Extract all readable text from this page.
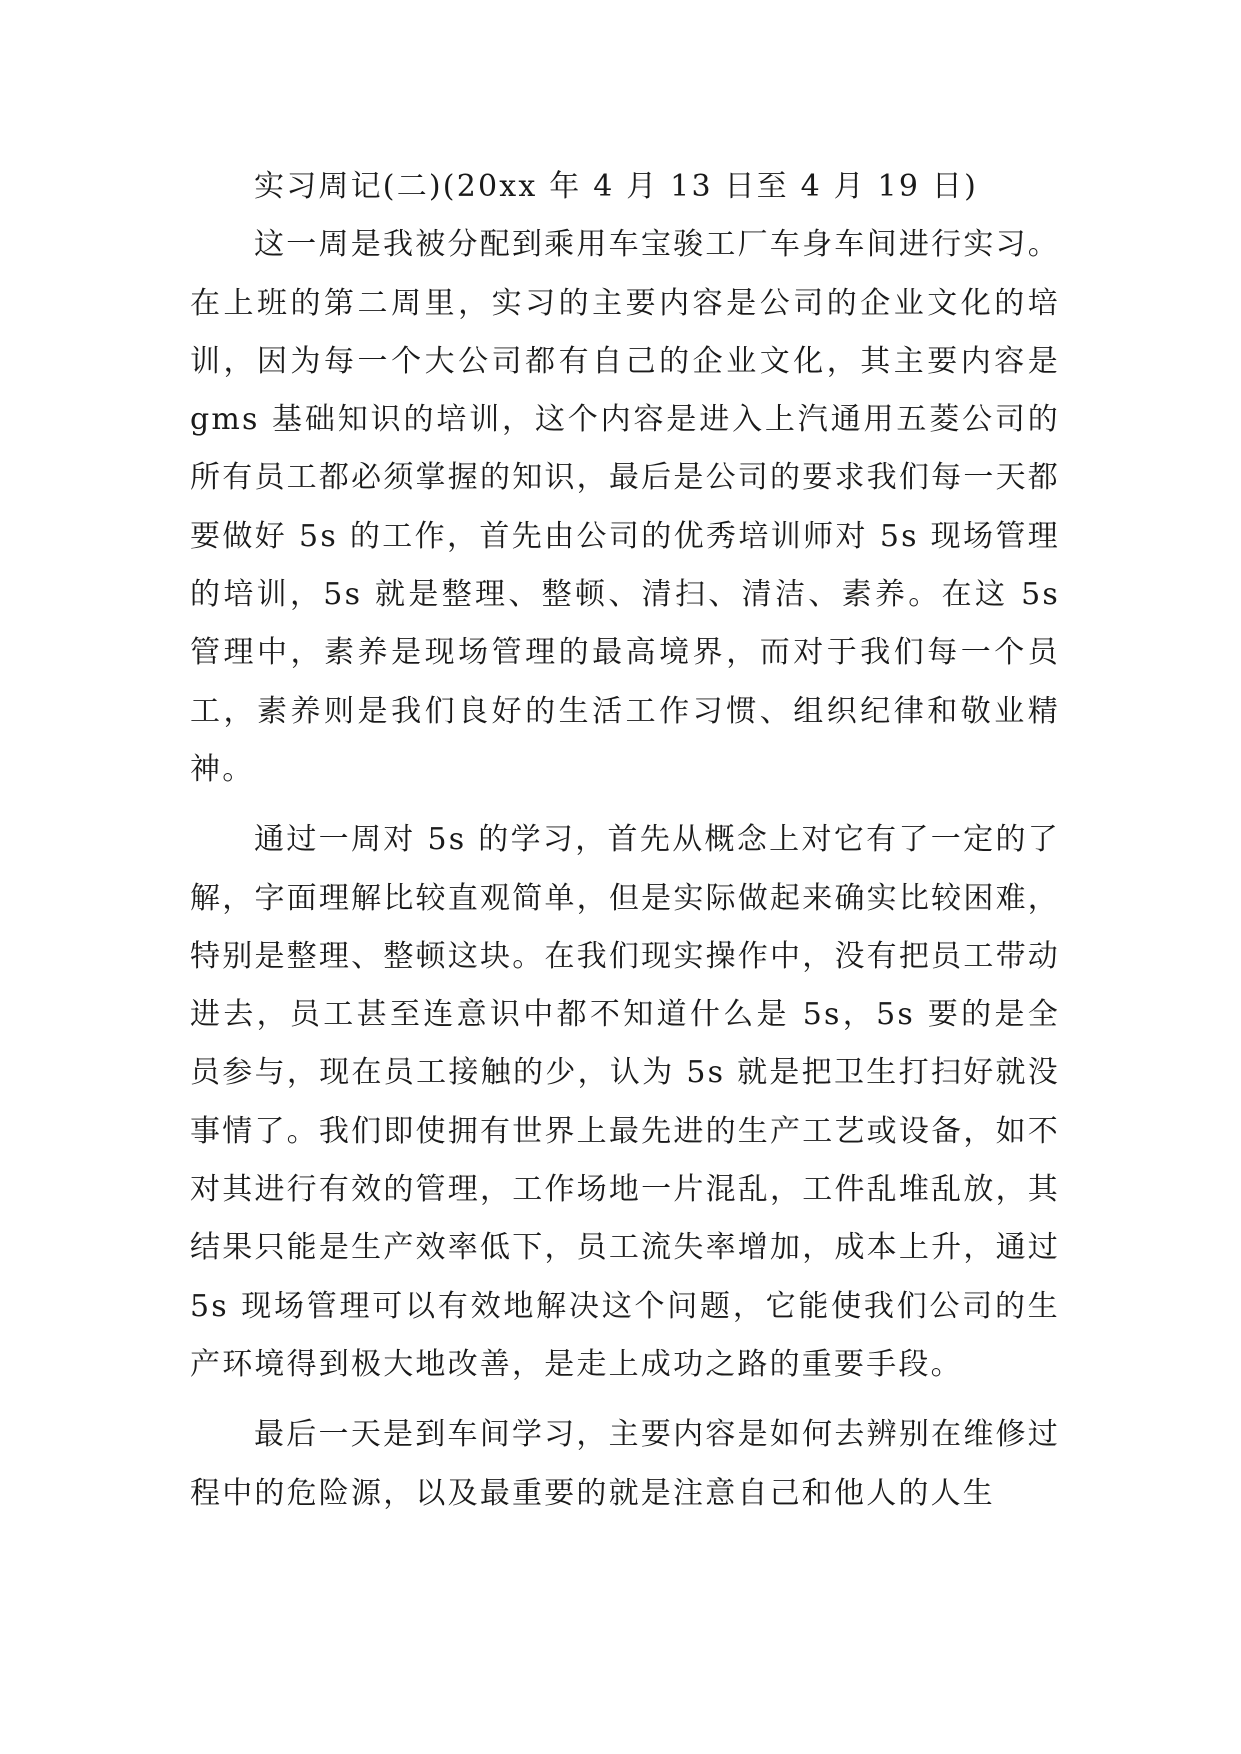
实习周记(二)(20xx 年 4 月 13 日至 4 月 19 日)

这一周是我被分配到乘用车宝骏工厂车身车间进行实习。在上班的第二周里，实习的主要内容是公司的企业文化的培训，因为每一个大公司都有自己的企业文化，其主要内容是 gms 基础知识的培训，这个内容是进入上汽通用五菱公司的所有员工都必须掌握的知识，最后是公司的要求我们每一天都要做好 5s 的工作，首先由公司的优秀培训师对 5s 现场管理的培训，5s 就是整理、整顿、清扫、清洁、素养。在这 5s 管理中，素养是现场管理的最高境界，而对于我们每一个员工，素养则是我们良好的生活工作习惯、组织纪律和敬业精神。

通过一周对 5s 的学习，首先从概念上对它有了一定的了解，字面理解比较直观简单，但是实际做起来确实比较困难，特别是整理、整顿这块。在我们现实操作中，没有把员工带动进去，员工甚至连意识中都不知道什么是 5s，5s 要的是全员参与，现在员工接触的少，认为 5s 就是把卫生打扫好就没事情了。我们即使拥有世界上最先进的生产工艺或设备，如不对其进行有效的管理，工作场地一片混乱，工件乱堆乱放，其结果只能是生产效率低下，员工流失率增加，成本上升，通过 5s 现场管理可以有效地解决这个问题，它能使我们公司的生产环境得到极大地改善，是走上成功之路的重要手段。

最后一天是到车间学习，主要内容是如何去辨别在维修过程中的危险源，以及最重要的就是注意自己和他人的人生
